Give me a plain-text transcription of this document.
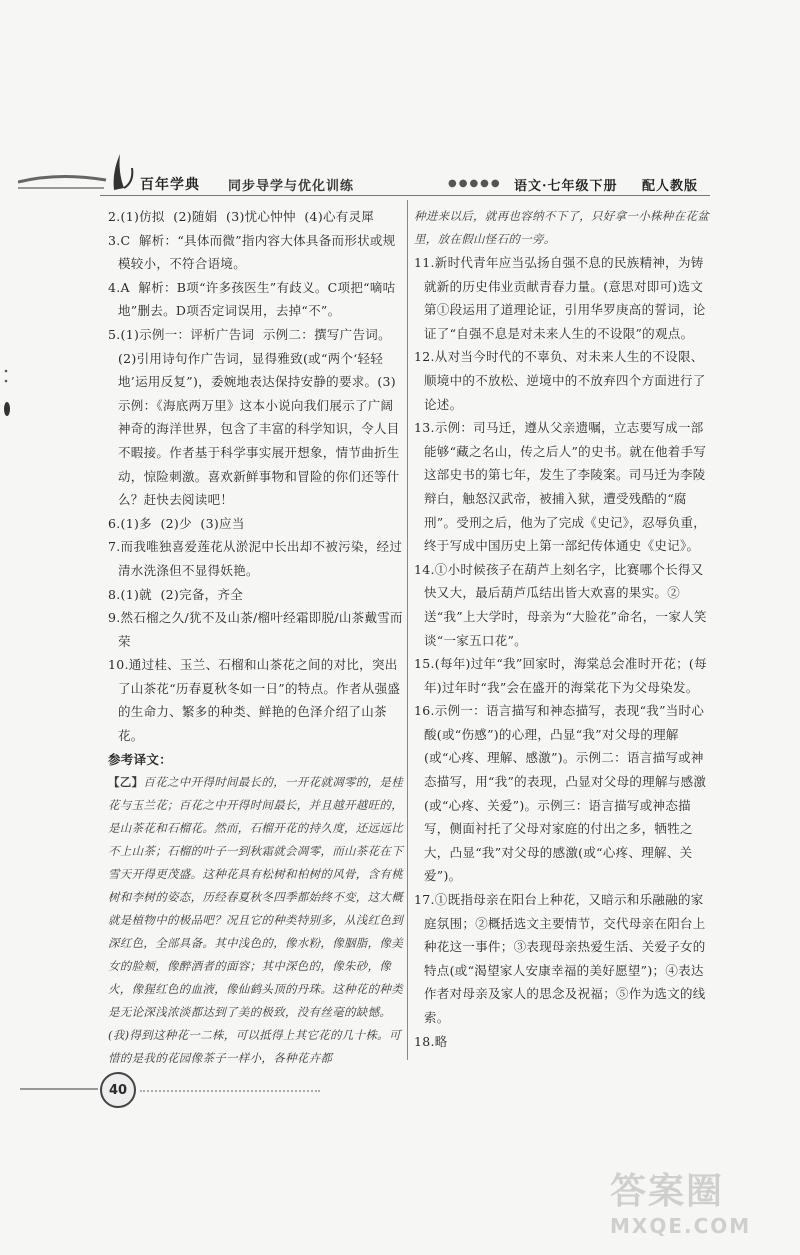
百年学典 同步导学与优化训练	●●●●● 语文·七年级下册 配人教版

2.(1)仿拟  (2)随娟  (3)忧心忡忡  (4)心有灵犀

3.C  解析：“具体而微”指内容大体具备而形状或规模较小，不符合语境。

4.A  解析：B项“许多孩医生”有歧义。C项把“嘀咕地”删去。D项否定词误用，去掉“不”。

5.(1)示例一：评析广告词  示例二：撰写广告词。(2)引用诗句作广告词，显得雅致(或“两个‘轻轻地’运用反复”)，委婉地表达保持安静的要求。(3)示例：《海底两万里》这本小说向我们展示了广阔神奇的海洋世界，包含了丰富的科学知识，令人目不暇接。作者基于科学事实展开想象，情节曲折生动，惊险刺激。喜欢新鲜事物和冒险的你们还等什么？赶快去阅读吧！

6.(1)多  (2)少  (3)应当

7.而我唯独喜爱莲花从淤泥中长出却不被污染，经过清水洗涤但不显得妖艳。

8.(1)就  (2)完备，齐全

9.然石榴之久/犹不及山茶/榴叶经霜即脱/山茶戴雪而荣

10.通过桂、玉兰、石榴和山茶花之间的对比，突出了山茶花“历春夏秋冬如一日”的特点。作者从强盛的生命力、繁多的种类、鲜艳的色泽介绍了山茶花。

参考译文：

【乙】百花之中开得时间最长的，一开花就凋零的，是桂花与玉兰花；百花之中开得时间最长，并且越开越旺的，是山茶花和石榴花。然而，石榴开花的持久度，还远远比不上山茶；石榴的叶子一到秋霜就会凋零，而山茶花在下雪天开得更茂盛。这种花具有松树和柏树的风骨，含有桃树和李树的姿态，历经春夏秋冬四季都始终不变，这大概就是植物中的极品吧？况且它的种类特别多，从浅红色到深红色，全部具备。其中浅色的，像水粉，像胭脂，像美女的脸颊，像醉酒者的面容；其中深色的，像朱砂，像火，像猩红色的血液，像仙鹤头顶的丹珠。这种花的种类是无论深浅浓淡都达到了美的极致，没有丝毫的缺憾。(我)得到这种花一二株，可以抵得上其它花的几十株。可惜的是我的花园像茶子一样小，各种花卉都

种进来以后，就再也容纳不下了，只好拿一小株种在花盆里，放在假山怪石的一旁。

11.新时代青年应当弘扬自强不息的民族精神，为铸就新的历史伟业贡献青春力量。(意思对即可)选文第①段运用了道理论证，引用华罗庚高的誓词，论证了“自强不息是对未来人生的不设限”的观点。

12.从对当今时代的不辜负、对未来人生的不设限、顺境中的不放松、逆境中的不放弃四个方面进行了论述。

13.示例：司马迁，遵从父亲遗嘱，立志要写成一部能够“藏之名山，传之后人”的史书。就在他着手写这部史书的第七年，发生了李陵案。司马迁为李陵辩白，触怒汉武帝，被捕入狱，遭受残酷的“腐刑”。受刑之后，他为了完成《史记》，忍辱负重，终于写成中国历史上第一部纪传体通史《史记》。

14.①小时候孩子在葫芦上刻名字，比赛哪个长得又快又大，最后葫芦瓜结出皆大欢喜的果实。②送“我”上大学时，母亲为“大脸花”命名，一家人笑谈“一家五口花”。

15.(每年)过年“我”回家时，海棠总会准时开花；(每年)过年时“我”会在盛开的海棠花下为父母染发。

16.示例一：语言描写和神态描写，表现“我”当时心酸(或“伤感”)的心理，凸显“我”对父母的理解(或“心疼、理解、感激”)。示例二：语言描写或神态描写，用“我”的表现，凸显对父母的理解与感激(或“心疼、关爱”)。示例三：语言描写或神态描写，侧面衬托了父母对家庭的付出之多，牺牲之大，凸显“我”对父母的感激(或“心疼、理解、关爱”)。

17.①既指母亲在阳台上种花，又暗示和乐融融的家庭氛围；②概括选文主要情节，交代母亲在阳台上种花这一事件；③表现母亲热爱生活、关爱子女的特点(或“渴望家人安康幸福的美好愿望”)；④表达作者对母亲及家人的思念及祝福；⑤作为选文的线索。

18.略

40
答案圈
MXQE.COM
